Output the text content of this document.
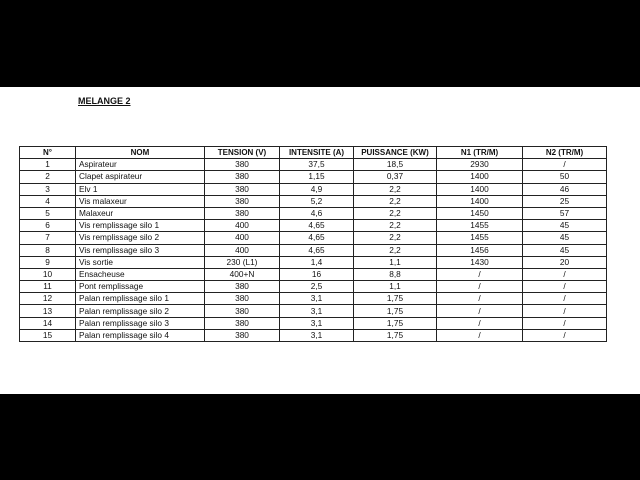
MELANGE 2
N°	NOM	TENSION (V)	INTENSITE (A)	PUISSANCE (KW)	N1 (TR/M)	N2 (TR/M)
1	Aspirateur	380	37,5	18,5	2930	/
2	Clapet aspirateur	380	1,15	0,37	1400	50
3	Elv 1	380	4,9	2,2	1400	46
4	Vis malaxeur	380	5,2	2,2	1400	25
5	Malaxeur	380	4,6	2,2	1450	57
6	Vis remplissage silo 1	400	4,65	2,2	1455	45
7	Vis remplissage silo 2	400	4,65	2,2	1455	45
8	Vis remplissage silo 3	400	4,65	2,2	1456	45
9	Vis sortie	230 (L1)	1,4	1,1	1430	20
10	Ensacheuse	400+N	16	8,8	/	/
11	Pont remplissage	380	2,5	1,1	/	/
12	Palan remplissage silo 1	380	3,1	1,75	/	/
13	Palan remplissage silo 2	380	3,1	1,75	/	/
14	Palan remplissage silo 3	380	3,1	1,75	/	/
15	Palan remplissage silo 4	380	3,1	1,75	/	/
